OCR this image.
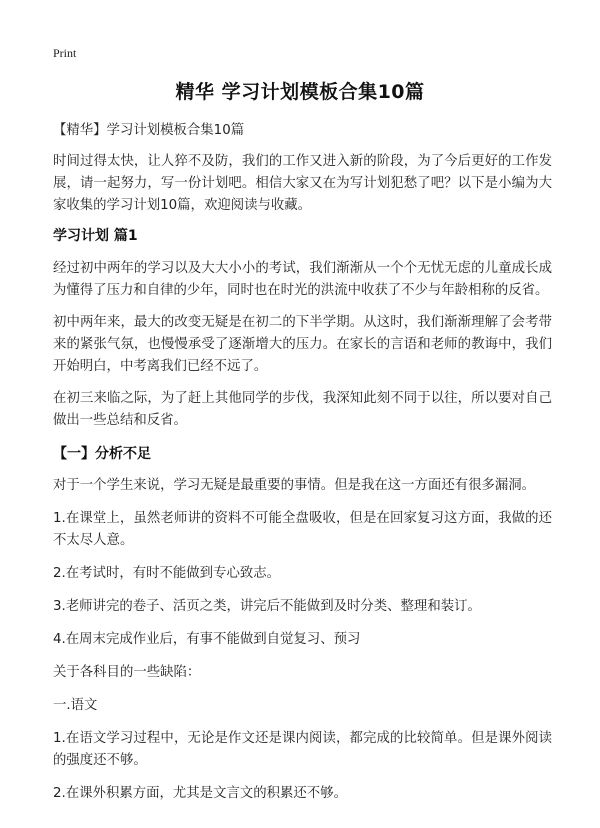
Print
精华 学习计划模板合集10篇

【精华】学习计划模板合集10篇

时间过得太快，让人猝不及防，我们的工作又进入新的阶段，为了今后更好的工作发展，请一起努力，写一份计划吧。相信大家又在为写计划犯愁了吧？以下是小编为大家收集的学习计划10篇，欢迎阅读与收藏。

学习计划 篇1

经过初中两年的学习以及大大小小的考试，我们渐渐从一个个无忧无虑的儿童成长成为懂得了压力和自律的少年，同时也在时光的洪流中收获了不少与年龄相称的反省。

初中两年来，最大的改变无疑是在初二的下半学期。从这时，我们渐渐理解了会考带来的紧张气氛，也慢慢承受了逐渐增大的压力。在家长的言语和老师的教诲中，我们开始明白，中考离我们已经不远了。

在初三来临之际，为了赶上其他同学的步伐，我深知此刻不同于以往，所以要对自己做出一些总结和反省。

【一】分析不足

对于一个学生来说，学习无疑是最重要的事情。但是我在这一方面还有很多漏洞。

1.在课堂上，虽然老师讲的资料不可能全盘吸收，但是在回家复习这方面，我做的还不太尽人意。

2.在考试时，有时不能做到专心致志。

3.老师讲完的卷子、活页之类，讲完后不能做到及时分类、整理和装订。

4.在周末完成作业后，有事不能做到自觉复习、预习

关于各科目的一些缺陷：

一.语文

1.在语文学习过程中，无论是作文还是课内阅读，都完成的比较简单。但是课外阅读的强度还不够。

2.在课外积累方面，尤其是文言文的积累还不够。
